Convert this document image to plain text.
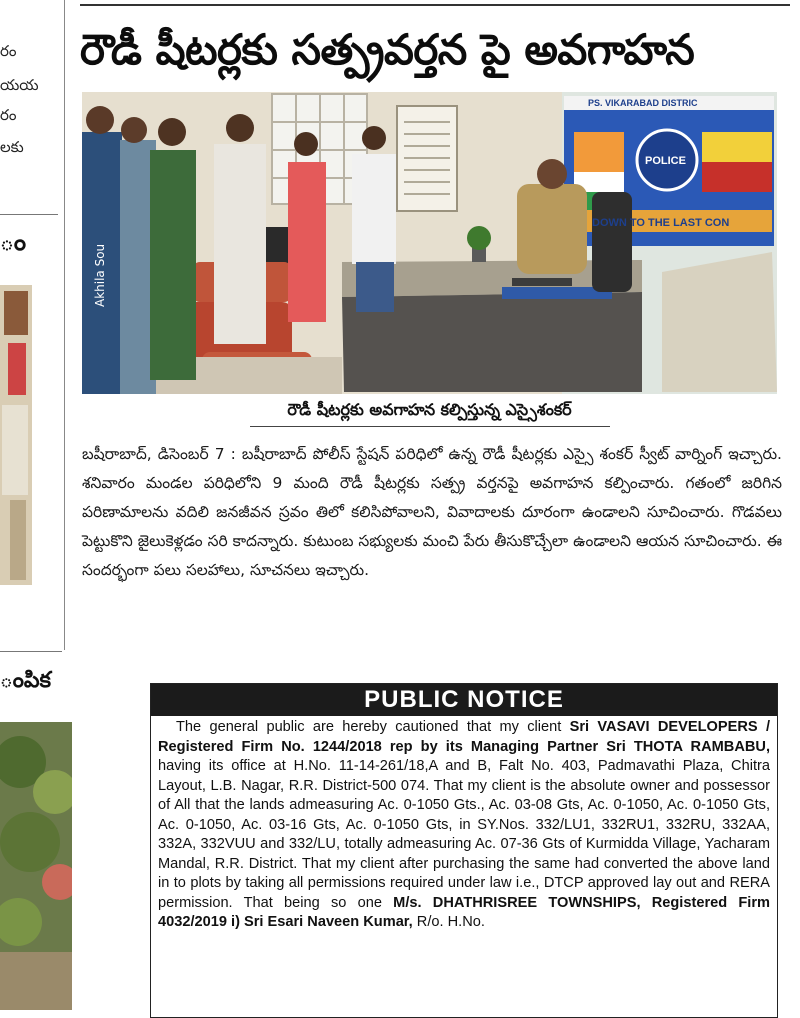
రం
యయ
రం
లకు
ం
ంపిక
రౌడీ షీటర్లకు సత్ప్రవర్తన పై అవగాహన
Akhila Sou
PS. VIKARABAD DISTRIC
POLICE
DOWN TO THE LAST CON
రౌడీ షీటర్లకు అవగాహన కల్పిస్తున్న ఎస్సైశంకర్
బషీరాబాద్, డిసెంబర్ 7 : బషీరాబాద్ పోలీస్ స్టేషన్ పరిధిలో ఉన్న రౌడీ షీటర్లకు ఎస్సై శంకర్ స్వీట్ వార్నింగ్ ఇచ్చారు. శనివారం మండల పరిధిలోని 9 మంది రౌడీ షీటర్లకు సత్ప్ర వర్తనపై అవగాహన కల్పించారు. గతంలో జరిగిన పరిణామాలను వదిలి జనజీవన స్రవం తిలో కలిసిపోవాలని, వివాదాలకు దూరంగా ఉండాలని సూచించారు. గొడవలు పెట్టుకొని జైలుకెళ్లడం సరి కాదన్నారు. కుటుంబ సభ్యులకు మంచి పేరు తీసుకొచ్చేలా ఉండాలని ఆయన సూచించారు. ఈ సందర్భంగా పలు సలహాలు, సూచనలు ఇచ్చారు.
PUBLIC NOTICE
The general public are hereby cautioned that my client Sri VASAVI DEVELOPERS / Registered Firm No. 1244/2018 rep by its Managing Partner Sri THOTA RAMBABU, having its office at H.No. 11-14-261/18,A and B, Falt No. 403, Padmavathi Plaza, Chitra Layout, L.B. Nagar, R.R. District-500 074. That my client is the absolute owner and possessor of All that the lands admeasuring Ac. 0-1050 Gts., Ac. 03-08 Gts, Ac. 0-1050, Ac. 0-1050 Gts, Ac. 0-1050, Ac. 03-16 Gts, Ac. 0-1050 Gts, in SY.Nos. 332/LU1, 332RU1, 332RU, 332AA, 332A, 332VUU and 332/LU, totally admeasuring Ac. 07-36 Gts of Kurmidda Village, Yacharam Mandal, R.R. District. That my client after purchasing the same had converted the above land in to plots by taking all permissions required under law i.e., DTCP approved lay out and RERA permission. That being so one M/s. DHATHRISREE TOWNSHIPS, Registered Firm 4032/2019 i) Sri Esari Naveen Kumar, R/o. H.No.
